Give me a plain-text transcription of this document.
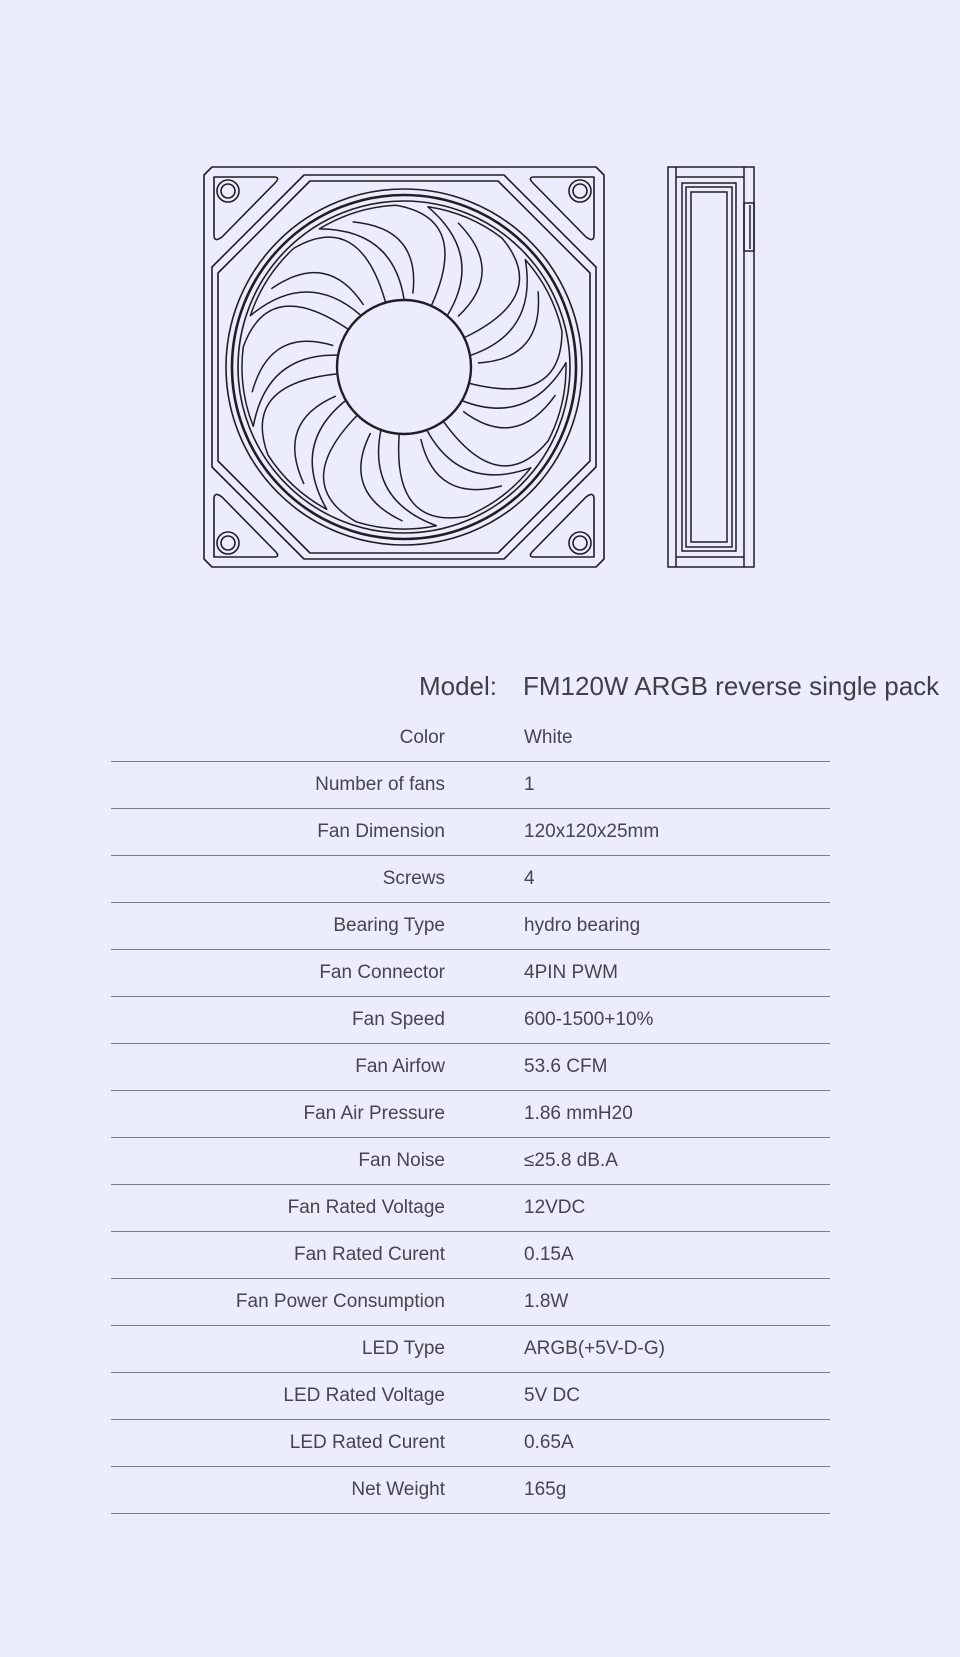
Model: FM120W ARGB reverse single pack
Color	White
Number of fans	1
Fan Dimension	120x120x25mm
Screws	4
Bearing Type	hydro bearing
Fan Connector	4PIN PWM
Fan Speed	600-1500+10%
Fan Airfow	53.6 CFM
Fan Air Pressure	1.86 mmH20
Fan Noise	≤25.8 dB.A
Fan Rated Voltage	12VDC
Fan Rated Curent	0.15A
Fan Power Consumption	1.8W
LED Type	ARGB(+5V-D-G)
LED Rated Voltage	5V DC
LED Rated Curent	0.65A
Net Weight	165g
